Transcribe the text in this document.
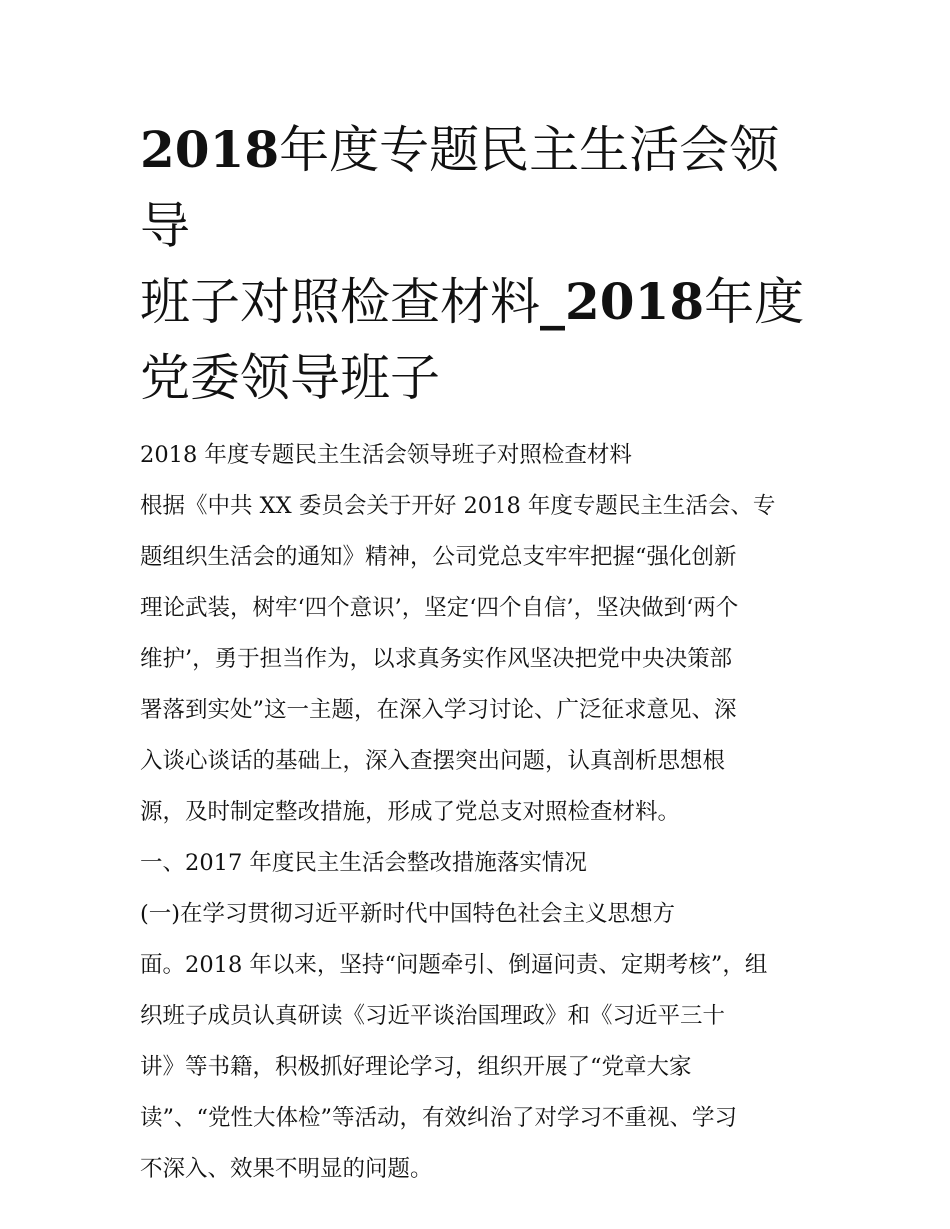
2018年度专题民主生活会领导
班子对照检查材料_2018年度
党委领导班子
2018 年度专题民主生活会领导班子对照检查材料
根据《中共 XX 委员会关于开好 2018 年度专题民主生活会、专
题组织生活会的通知》精神，公司党总支牢牢把握“强化创新
理论武装，树牢‘四个意识’，坚定‘四个自信’，坚决做到‘两个
维护’，勇于担当作为，以求真务实作风坚决把党中央决策部
署落到实处”这一主题，在深入学习讨论、广泛征求意见、深
入谈心谈话的基础上，深入查摆突出问题，认真剖析思想根
源，及时制定整改措施，形成了党总支对照检查材料。
一、2017 年度民主生活会整改措施落实情况
(一)在学习贯彻习近平新时代中国特色社会主义思想方
面。2018 年以来，坚持“问题牵引、倒逼问责、定期考核”，组
织班子成员认真研读《习近平谈治国理政》和《习近平三十
讲》等书籍，积极抓好理论学习，组织开展了“党章大家
读”、“党性大体检”等活动，有效纠治了对学习不重视、学习
不深入、效果不明显的问题。
